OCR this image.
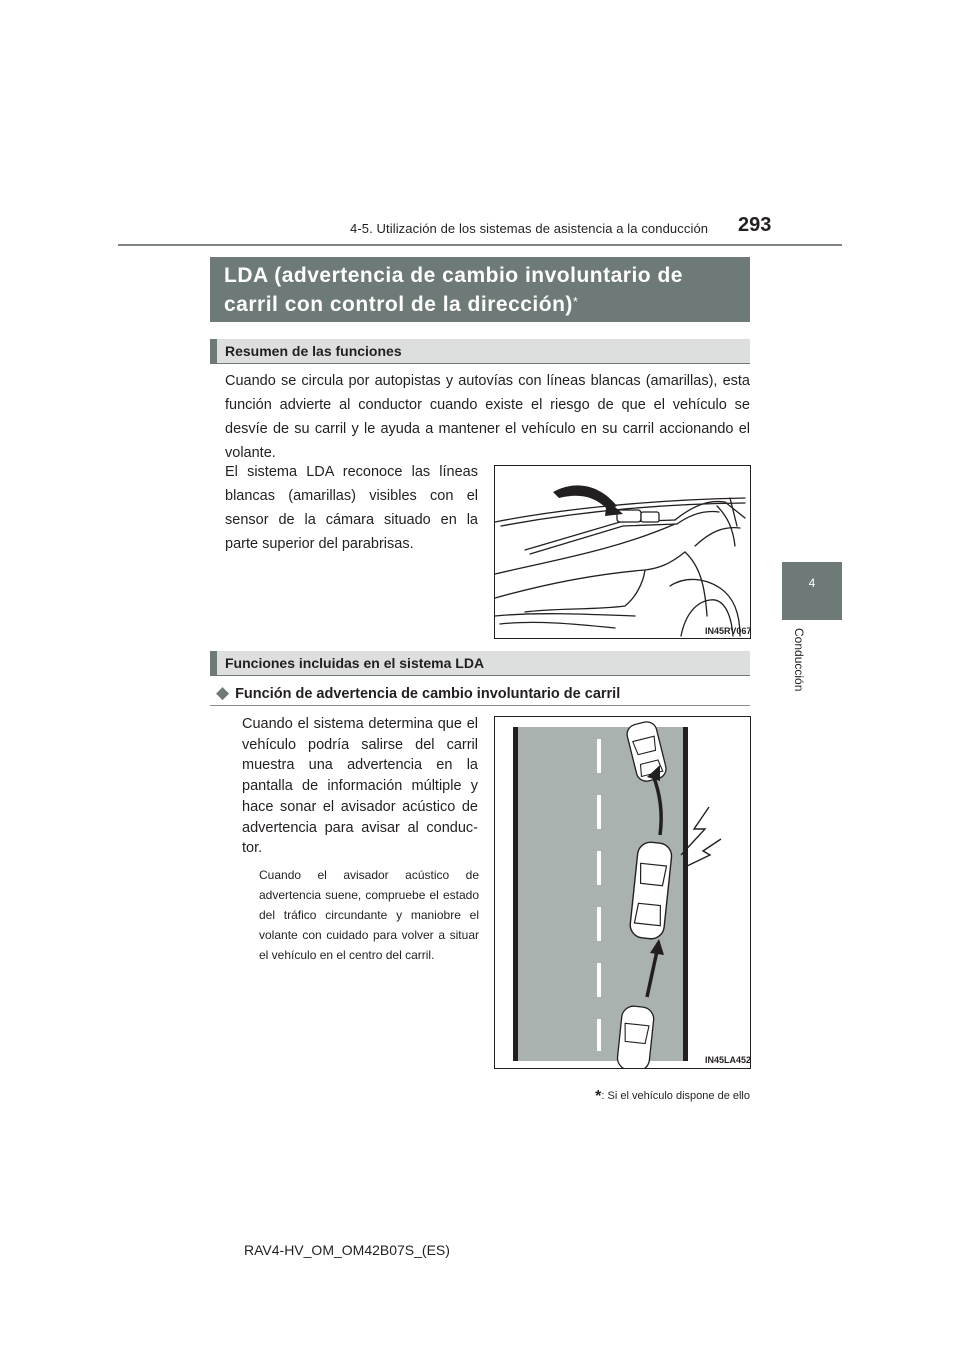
4-5. Utilización de los sistemas de asistencia a la conducción 293
4
Conducción
LDA (advertencia de cambio involuntario de
carril con control de la dirección)*
Resumen de las funciones
Cuando se circula por autopistas y autovías con líneas blancas (amarillas), esta función advierte al conductor cuando existe el riesgo de que el vehículo se desvíe de su carril y le ayuda a mantener el vehículo en su carril accionando el volante.
El sistema LDA reconoce las líneas blancas (amarillas) visibles con el sensor de la cámara situado en la parte superior del parabrisas.
IN45RV067
Funciones incluidas en el sistema LDA
◆ Función de advertencia de cambio involuntario de carril
Cuando el sistema determina que el vehículo podría salirse del carril muestra una advertencia en la pantalla de información múltiple y hace sonar el avisador acústico de advertencia para avisar al conductor.
Cuando el avisador acústico de advertencia suene, compruebe el estado del tráfico circundante y maniobre el volante con cuidado para volver a situar el vehículo en el centro del carril.
IN45LA452
*: Si el vehículo dispone de ello
RAV4-HV_OM_OM42B07S_(ES)
